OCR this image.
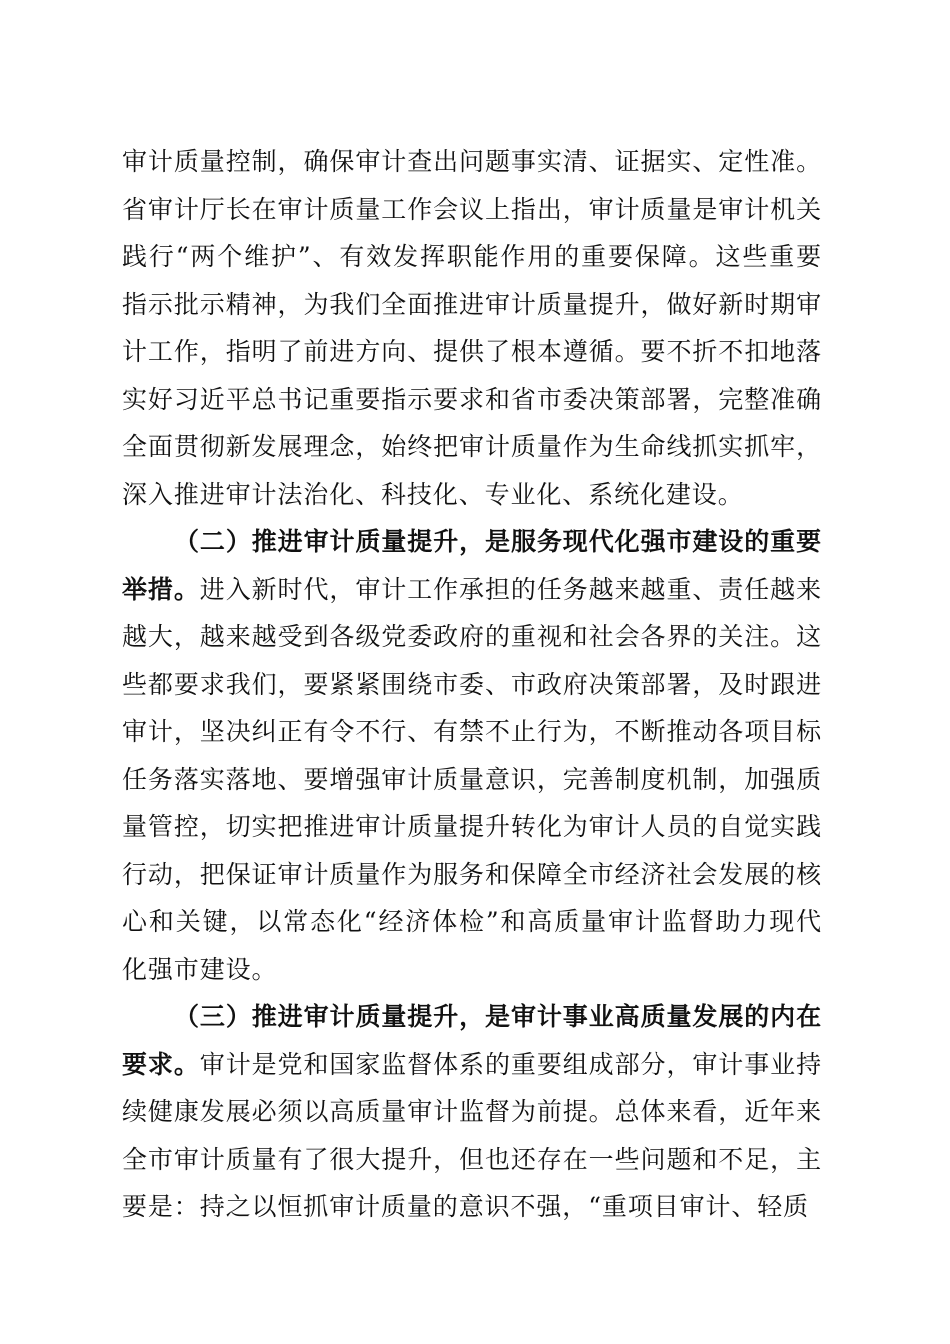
审计质量控制，确保审计查出问题事实清、证据实、定性准。省审计厅长在审计质量工作会议上指出，审计质量是审计机关践行“两个维护”、有效发挥职能作用的重要保障。这些重要指示批示精神，为我们全面推进审计质量提升，做好新时期审计工作，指明了前进方向、提供了根本遵循。要不折不扣地落实好习近平总书记重要指示要求和省市委决策部署，完整准确全面贯彻新发展理念，始终把审计质量作为生命线抓实抓牢，深入推进审计法治化、科技化、专业化、系统化建设。

（二）推进审计质量提升，是服务现代化强市建设的重要举措。进入新时代，审计工作承担的任务越来越重、责任越来越大，越来越受到各级党委政府的重视和社会各界的关注。这些都要求我们，要紧紧围绕市委、市政府决策部署，及时跟进审计，坚决纠正有令不行、有禁不止行为，不断推动各项目标任务落实落地、要增强审计质量意识，完善制度机制，加强质量管控，切实把推进审计质量提升转化为审计人员的自觉实践行动，把保证审计质量作为服务和保障全市经济社会发展的核心和关键，以常态化“经济体检”和高质量审计监督助力现代化强市建设。

（三）推进审计质量提升，是审计事业高质量发展的内在要求。审计是党和国家监督体系的重要组成部分，审计事业持续健康发展必须以高质量审计监督为前提。总体来看，近年来全市审计质量有了很大提升，但也还存在一些问题和不足，主要是：持之以恒抓审计质量的意识不强，“重项目审计、轻质
